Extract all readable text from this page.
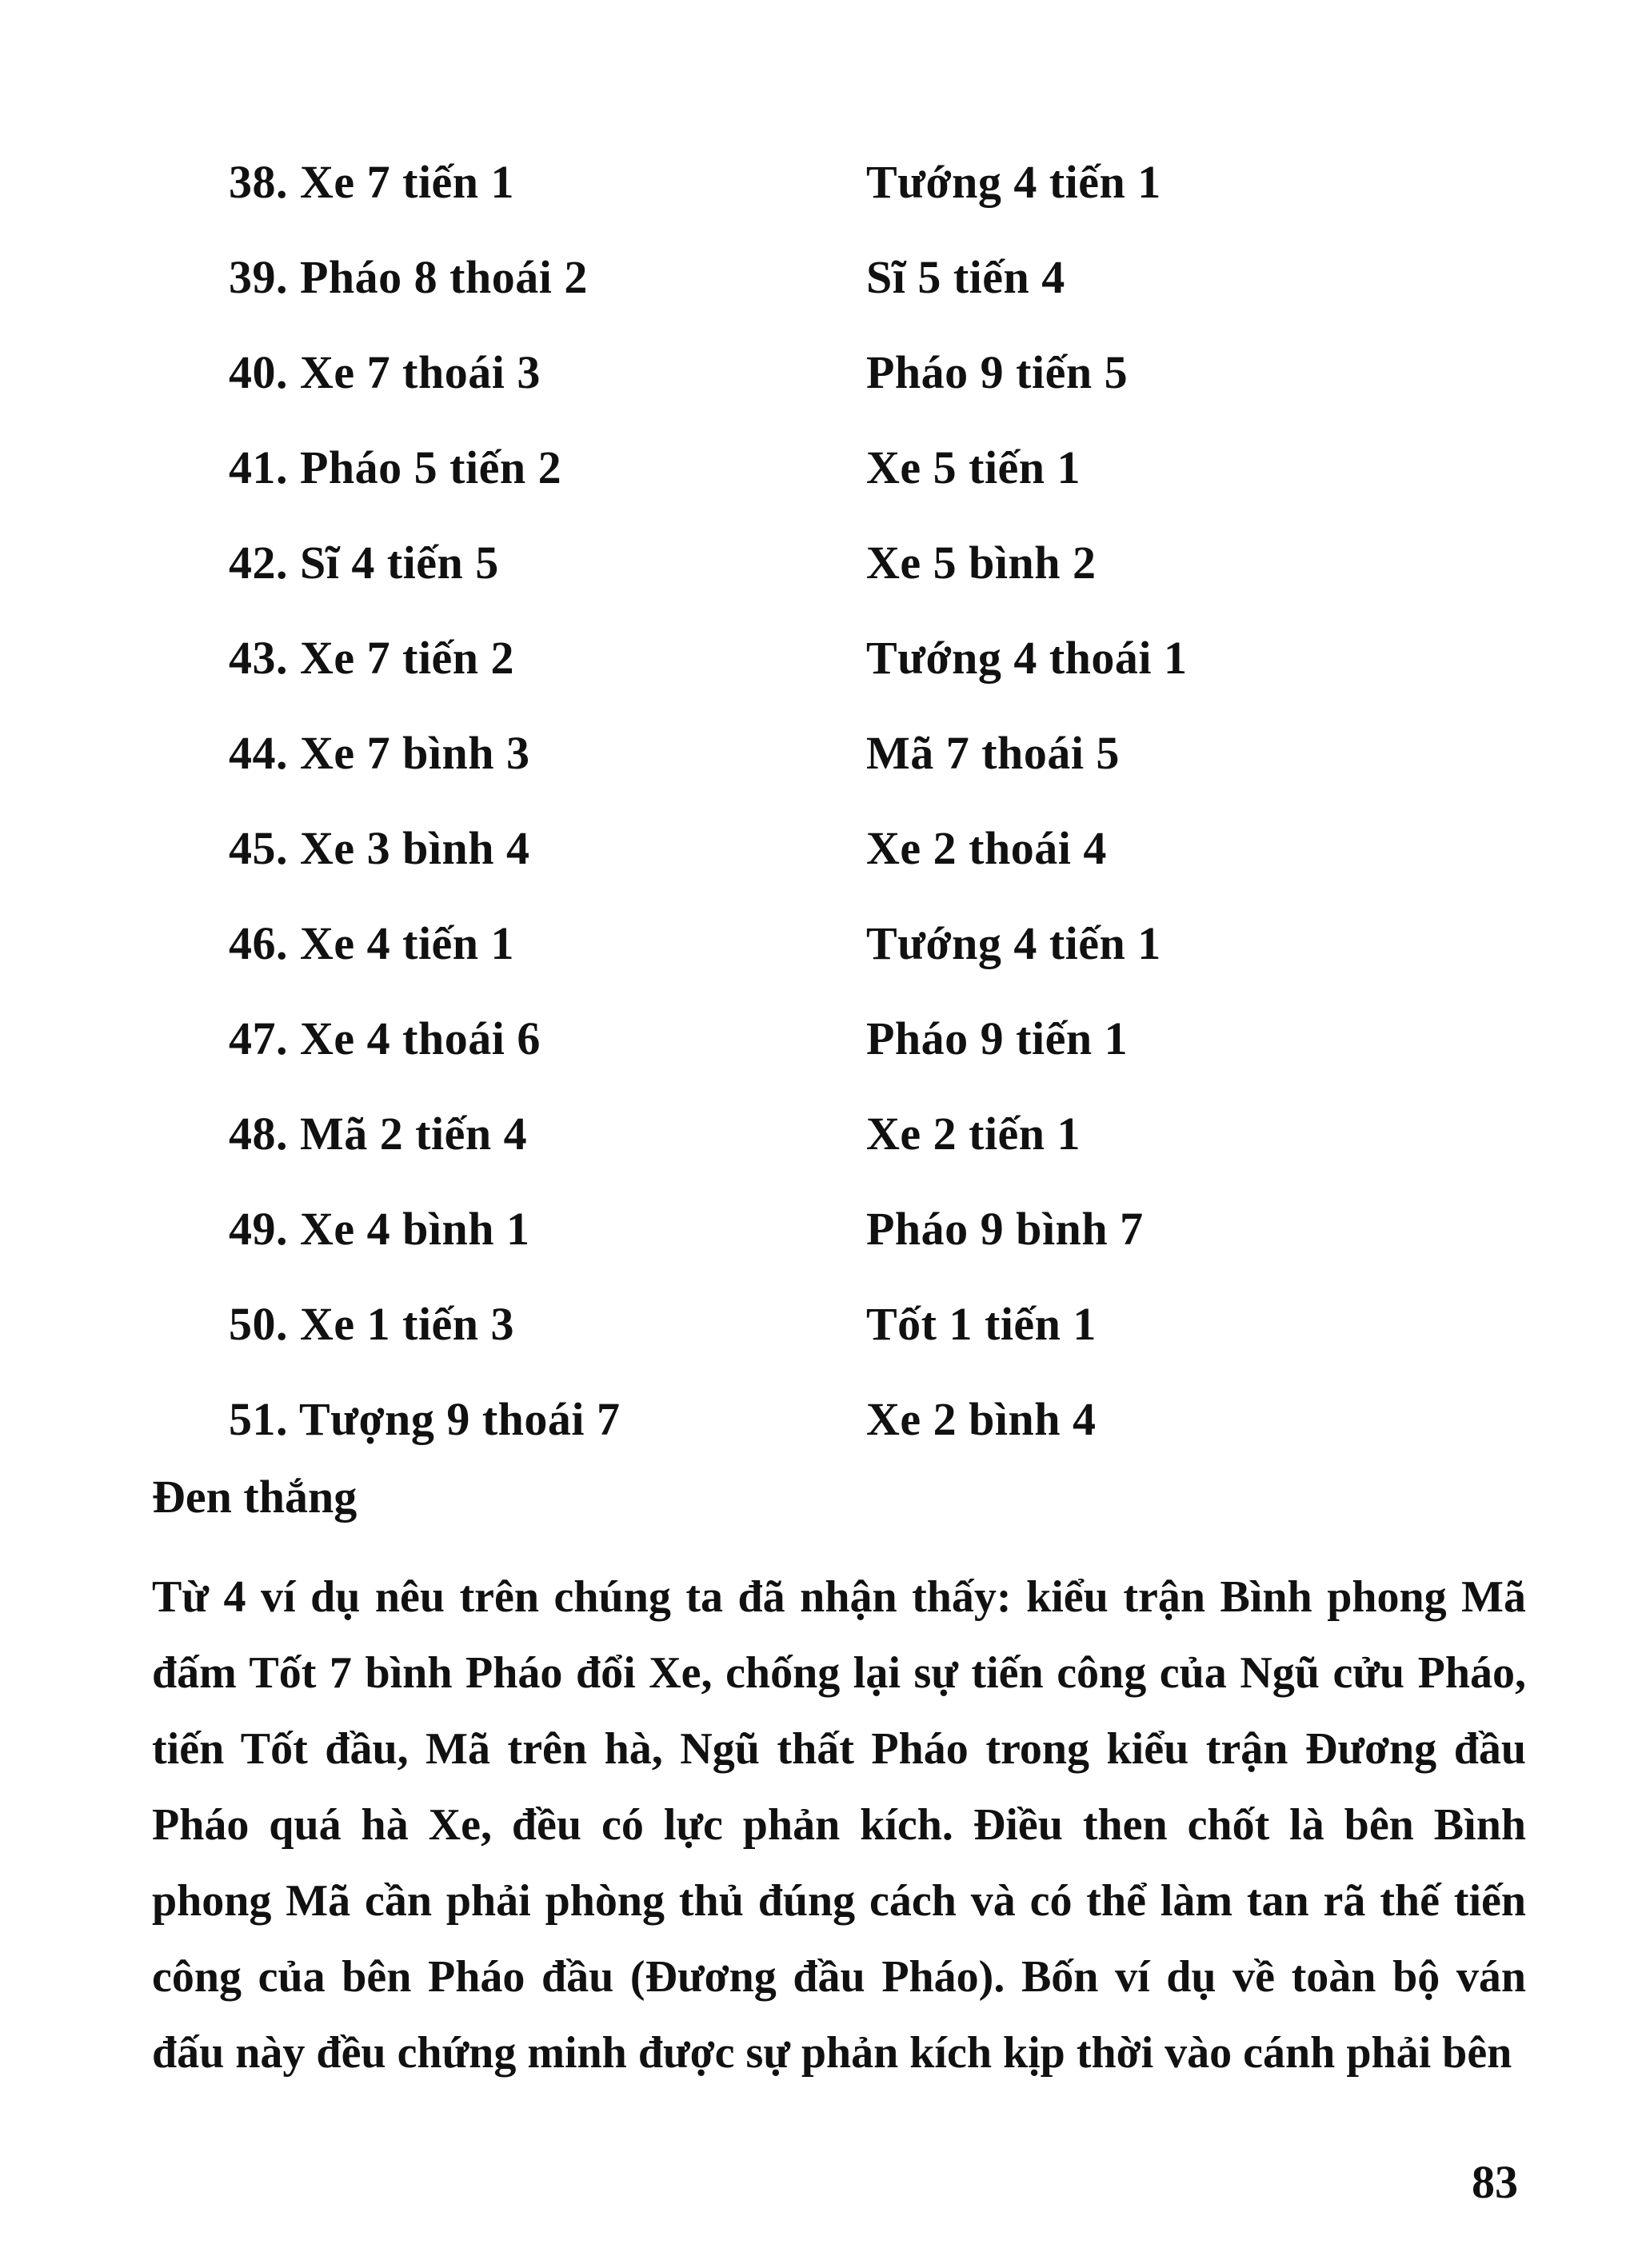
38. Xe 7 tiến 1	Tướng 4 tiến 1
39. Pháo 8 thoái 2	Sĩ 5 tiến 4
40. Xe 7 thoái 3	Pháo 9 tiến 5
41. Pháo 5 tiến 2	Xe 5 tiến 1
42. Sĩ 4 tiến 5	Xe 5 bình 2
43. Xe 7 tiến 2	Tướng 4 thoái 1
44. Xe 7 bình 3	Mã 7 thoái 5
45. Xe 3 bình 4	Xe 2 thoái 4
46. Xe 4 tiến 1	Tướng 4 tiến 1
47. Xe 4 thoái 6	Pháo 9 tiến 1
48. Mã 2 tiến 4	Xe 2 tiến 1
49. Xe 4 bình 1	Pháo 9 bình 7
50. Xe 1 tiến 3	Tốt 1 tiến 1
51. Tượng 9 thoái 7	Xe 2 bình 4
Đen thắng
Từ 4 ví dụ nêu trên chúng ta đã nhận thấy: kiểu trận Bình phong Mã đấm Tốt 7 bình Pháo đổi Xe, chống lại sự tiến công của Ngũ cửu Pháo, tiến Tốt đầu, Mã trên hà, Ngũ thất Pháo trong kiểu trận Đương đầu Pháo quá hà Xe, đều có lực phản kích. Điều then chốt là bên Bình phong Mã cần phải phòng thủ đúng cách và có thể làm tan rã thế tiến công của bên Pháo đầu (Đương đầu Pháo). Bốn ví dụ về toàn bộ ván đấu này đều chứng minh được sự phản kích kịp thời vào cánh phải bên
83
